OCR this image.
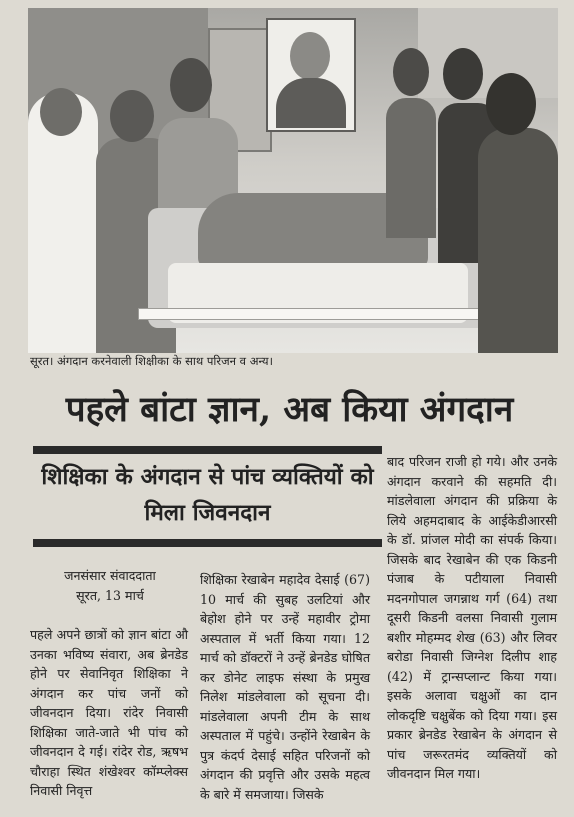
सूरत। अंगदान करनेवाली शिक्षीका के साथ परिजन व अन्य।
पहले बांटा ज्ञान, अब किया अंगदान
शिक्षिका के अंगदान से पांच व्यक्तियों को मिला जिवनदान
जनसंसार संवाददाता
सूरत, 13 मार्च

पहले अपने छात्रों को ज्ञान बांटा औ उनका भविष्य संवारा, अब ब्रेनडेड होने पर सेवानिवृत शिक्षिका ने अंगदान कर पांच जनों को जीवनदान दिया। रांदेर निवासी शिक्षिका जाते-जाते भी पांच को जीवनदान दे गई। रांदेर रोड, ऋषभ चौराहा स्थित शंखेश्वर कॉम्प्लेक्स निवासी निवृत्त

शिक्षिका रेखाबेन महादेव देसाई (67) 10 मार्च की सुबह उलटियां और बेहोश होने पर उन्हें महावीर ट्रोमा अस्पताल में भर्ती किया गया। 12 मार्च को डॉक्टरों ने उन्हें ब्रेनडेड घोषित कर डोनेट लाइफ संस्था के प्रमुख निलेश मांडलेवाला को सूचना दी। मांडलेवाला अपनी टीम के साथ अस्पताल में पहुंचे। उन्होंने रेखाबेन के पुत्र कंदर्प देसाई सहित परिजनों को अंगदान की प्रवृत्ति और उसके महत्व के बारे में समजाया। जिसके

बाद परिजन राजी हो गये। और उनके अंगदान करवाने की सहमति दी। मांडलेवाला अंगदान की प्रक्रिया के लिये अहमदाबाद के आईकेडीआरसी के डॉ. प्रांजल मोदी का संपर्क किया। जिसके बाद रेखाबेन की एक किडनी पंजाब के पटीयाला निवासी मदनगोपाल जगन्नाथ गर्ग (64) तथा दूसरी किडनी वलसा निवासी गुलाम बशीर मोहम्मद शेख (63) और लिवर बरोडा निवासी जिग्नेश दिलीप शाह (42) में ट्रान्सप्लान्ट किया गया। इसके अलावा चक्षुओं का दान लोकदृष्टि चक्षुबेंक को दिया गया। इस प्रकार ब्रेनडेड रेखाबेन के अंगदान से पांच जरूरतमंद व्यक्तियों को जीवनदान मिल गया।
